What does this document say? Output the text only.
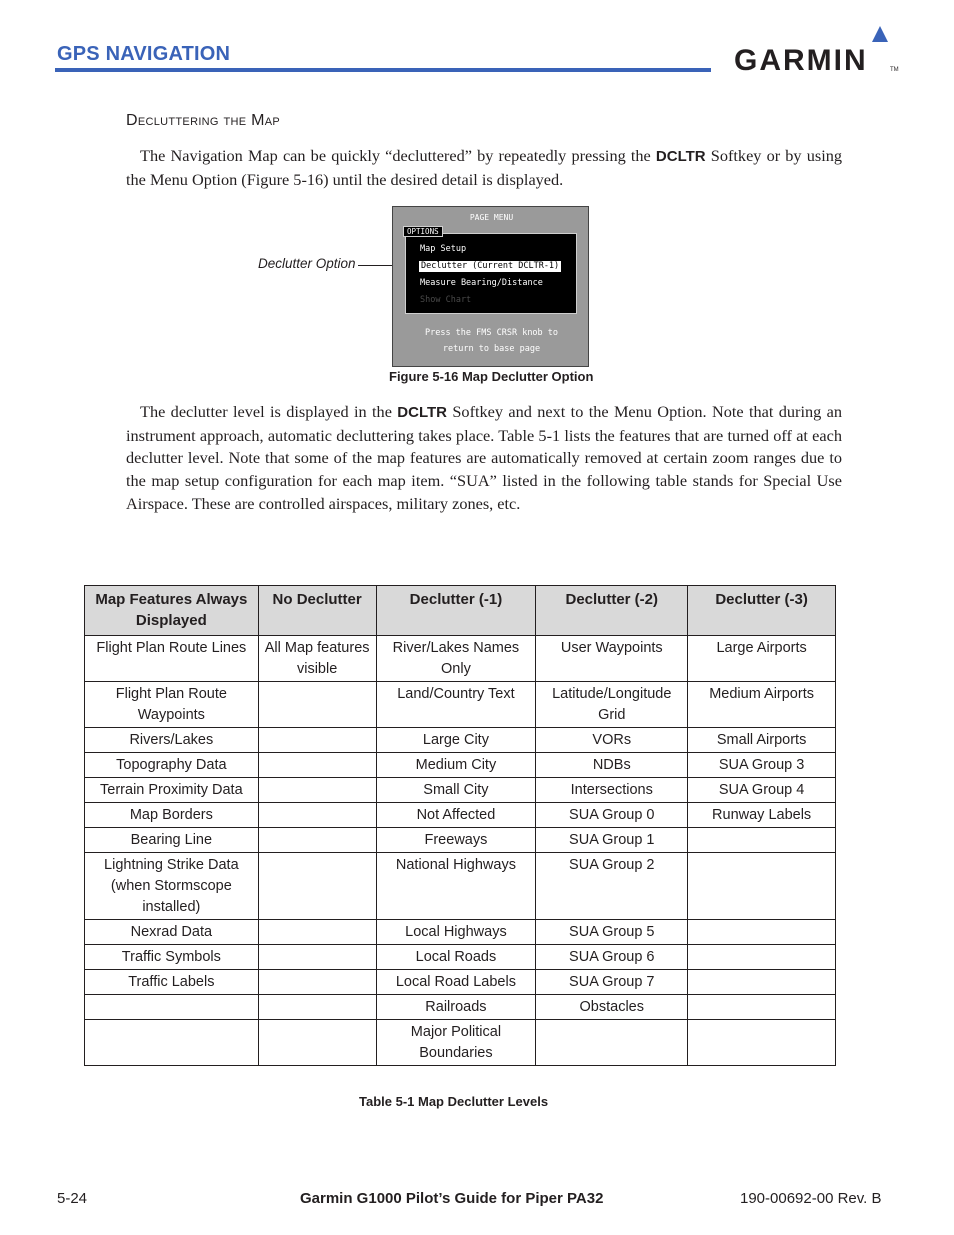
GPS NAVIGATION	GARMIN	TM
Decluttering the Map
The Navigation Map can be quickly “decluttered” by repeatedly pressing the DCLTR Softkey or by using the Menu Option (Figure 5-16) until the desired detail is displayed.
Declutter Option
PAGE MENU
Map Setup
Declutter (Current DCLTR-1)
Measure Bearing/Distance
Show Chart
OPTIONS
Press the FMS CRSR knob to
return to base page
Figure 5-16 Map Declutter Option
The declutter level is displayed in the DCLTR Softkey and next to the Menu Option. Note that during an instrument approach, automatic decluttering takes place. Table 5-1 lists the features that are turned off at each declutter level. Note that some of the map features are automatically removed at certain zoom ranges due to the map setup configuration for each map item. “SUA” listed in the following table stands for Special Use Airspace. These are controlled airspaces, military zones, etc.
Map Features Always Displayed	No Declutter	Declutter (-1)	Declutter (-2)	Declutter (-3)
Flight Plan Route Lines	All Map features visible	River/Lakes Names Only	User Waypoints	Large Airports
Flight Plan Route Waypoints		Land/Country Text	Latitude/Longitude Grid	Medium Airports
Rivers/Lakes		Large City	VORs	Small Airports
Topography Data		Medium City	NDBs	SUA Group 3
Terrain Proximity Data		Small City	Intersections	SUA Group 4
Map Borders		Not Affected	SUA Group 0	Runway Labels
Bearing Line		Freeways	SUA Group 1	
Lightning Strike Data (when Stormscope installed)		National Highways	SUA Group 2	
Nexrad Data		Local Highways	SUA Group 5	
Traffic Symbols		Local Roads	SUA Group 6	
Traffic Labels		Local Road Labels	SUA Group 7	
		Railroads	Obstacles	
		Major Political Boundaries		
Table 5-1 Map Declutter Levels
5-24	Garmin G1000 Pilot’s Guide for Piper PA32	190-00692-00 Rev. B
